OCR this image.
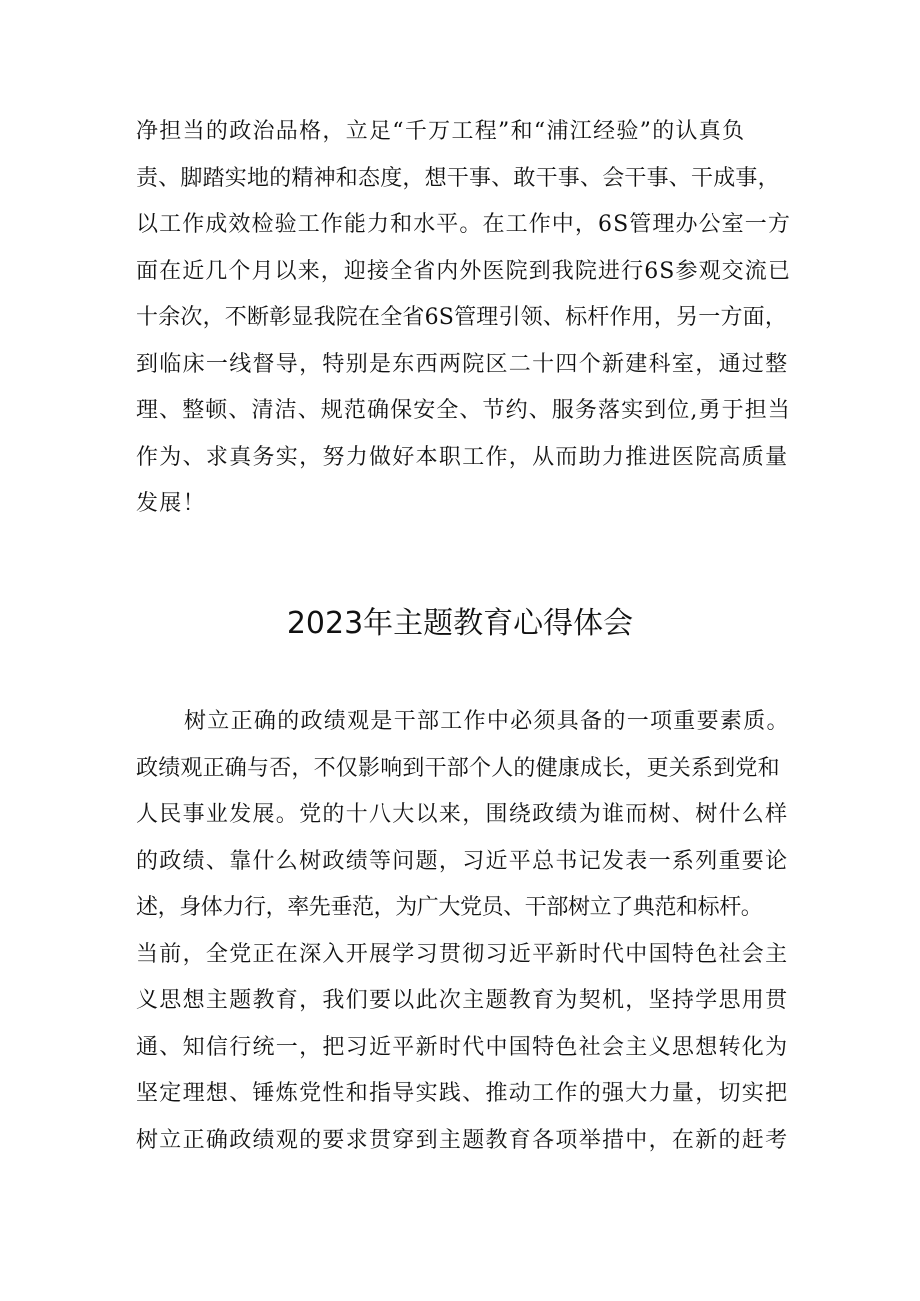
净担当的政治品格，立足“千万工程”和“浦江经验”的认真负
责、脚踏实地的精神和态度，想干事、敢干事、会干事、干成事，
以工作成效检验工作能力和水平。在工作中，6S管理办公室一方
面在近几个月以来，迎接全省内外医院到我院进行6S参观交流已
十余次，不断彰显我院在全省6S管理引领、标杆作用，另一方面，
到临床一线督导，特别是东西两院区二十四个新建科室，通过整
理、整顿、清洁、规范确保安全、节约、服务落实到位,勇于担当
作为、求真务实，努力做好本职工作，从而助力推进医院高质量
发展！
2023年主题教育心得体会
树立正确的政绩观是干部工作中必须具备的一项重要素质。
政绩观正确与否，不仅影响到干部个人的健康成长，更关系到党和
人民事业发展。党的十八大以来，围绕政绩为谁而树、树什么样
的政绩、靠什么树政绩等问题，习近平总书记发表一系列重要论
述，身体力行，率先垂范，为广大党员、干部树立了典范和标杆。
当前，全党正在深入开展学习贯彻习近平新时代中国特色社会主
义思想主题教育，我们要以此次主题教育为契机，坚持学思用贯
通、知信行统一，把习近平新时代中国特色社会主义思想转化为
坚定理想、锤炼党性和指导实践、推动工作的强大力量，切实把
树立正确政绩观的要求贯穿到主题教育各项举措中，在新的赶考
